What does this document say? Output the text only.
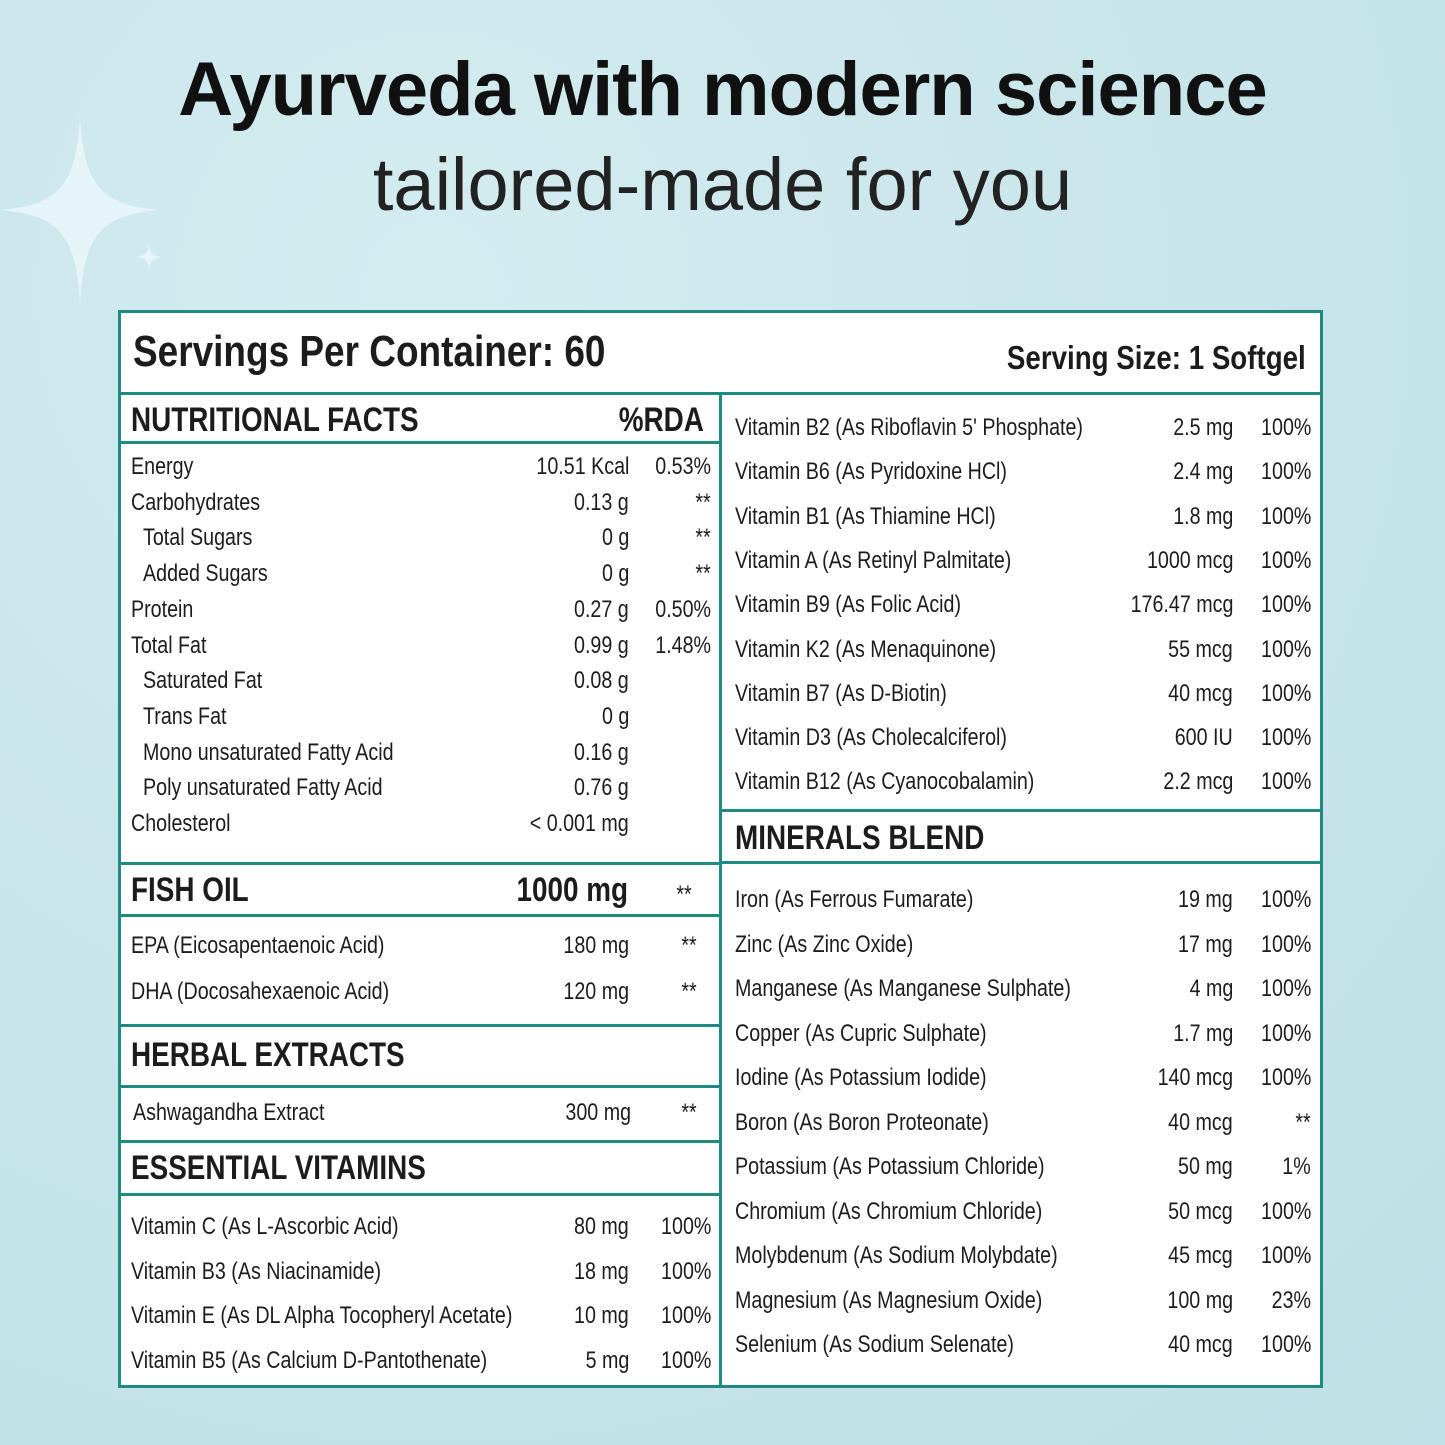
Ayurveda with modern science
tailored-made for you
Servings Per Container: 60	Serving Size: 1 Softgel
NUTRITIONAL FACTS	%RDA
Energy	10.51 Kcal 0.53%
Carbohydrates	0.13 g	**
Total Sugars	0 g	**
Added Sugars	0 g	**
Protein	0.27 g 0.50%
Total Fat	0.99 g 1.48%
Saturated Fat	0.08 g
Trans Fat	0 g
Mono unsaturated Fatty Acid	0.16 g
Poly unsaturated Fatty Acid	0.76 g
Cholesterol	< 0.001 mg
FISH OIL	1000 mg **
EPA (Eicosapentaenoic Acid)	180 mg **
DHA (Docosahexaenoic Acid)	120 mg **
HERBAL EXTRACTS
Ashwagandha Extract	300 mg **
ESSENTIAL VITAMINS
Vitamin C (As L-Ascorbic Acid)	80 mg 100%
Vitamin B3 (As Niacinamide)	18 mg 100%
Vitamin E (As DL Alpha Tocopheryl Acetate)	10 mg 100%
Vitamin B5 (As Calcium D-Pantothenate)	5 mg 100%
Vitamin B2 (As Riboflavin 5' Phosphate)	2.5 mg 100%
Vitamin B6 (As Pyridoxine HCl)	2.4 mg 100%
Vitamin B1 (As Thiamine HCl)	1.8 mg 100%
Vitamin A (As Retinyl Palmitate)	1000 mcg 100%
Vitamin B9 (As Folic Acid)	176.47 mcg 100%
Vitamin K2 (As Menaquinone)	55 mcg 100%
Vitamin B7 (As D-Biotin)	40 mcg 100%
Vitamin D3 (As Cholecalciferol)	600 IU 100%
Vitamin B12 (As Cyanocobalamin)	2.2 mcg 100%
MINERALS BLEND
Iron (As Ferrous Fumarate)	19 mg 100%
Zinc (As Zinc Oxide)	17 mg 100%
Manganese (As Manganese Sulphate)	4 mg 100%
Copper (As Cupric Sulphate)	1.7 mg 100%
Iodine (As Potassium Iodide)	140 mcg 100%
Boron (As Boron Proteonate)	40 mcg	**
Potassium (As Potassium Chloride)	50 mg 1%
Chromium (As Chromium Chloride)	50 mcg 100%
Molybdenum (As Sodium Molybdate)	45 mcg 100%
Magnesium (As Magnesium Oxide)	100 mg 23%
Selenium (As Sodium Selenate)	40 mcg 100%
